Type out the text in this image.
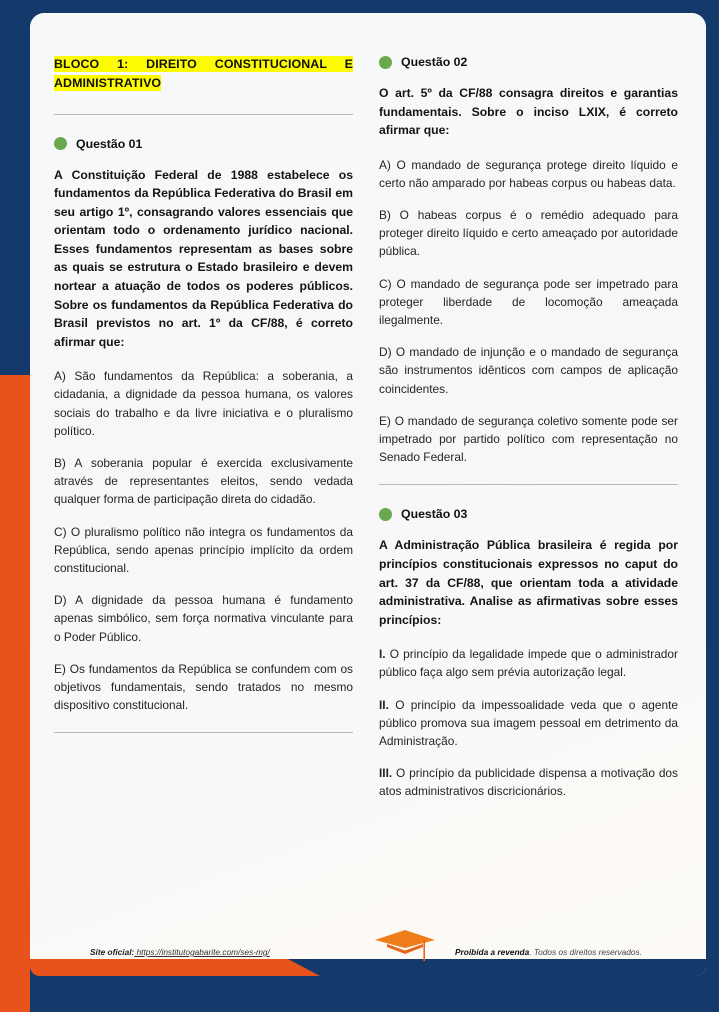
BLOCO 1: DIREITO CONSTITUCIONAL E ADMINISTRATIVO
Questão 01

A Constituição Federal de 1988 estabelece os fundamentos da República Federativa do Brasil em seu artigo 1º, consagrando valores essenciais que orientam todo o ordenamento jurídico nacional. Esses fundamentos representam as bases sobre as quais se estrutura o Estado brasileiro e devem nortear a atuação de todos os poderes públicos. Sobre os fundamentos da República Federativa do Brasil previstos no art. 1º da CF/88, é correto afirmar que:

A) São fundamentos da República: a soberania, a cidadania, a dignidade da pessoa humana, os valores sociais do trabalho e da livre iniciativa e o pluralismo político.

B) A soberania popular é exercida exclusivamente através de representantes eleitos, sendo vedada qualquer forma de participação direta do cidadão.

C) O pluralismo político não integra os fundamentos da República, sendo apenas princípio implícito da ordem constitucional.

D) A dignidade da pessoa humana é fundamento apenas simbólico, sem força normativa vinculante para o Poder Público.

E) Os fundamentos da República se confundem com os objetivos fundamentais, sendo tratados no mesmo dispositivo constitucional.

Questão 02

O art. 5º da CF/88 consagra direitos e garantias fundamentais. Sobre o inciso LXIX, é correto afirmar que:

A) O mandado de segurança protege direito líquido e certo não amparado por habeas corpus ou habeas data.

B) O habeas corpus é o remédio adequado para proteger direito líquido e certo ameaçado por autoridade pública.

C) O mandado de segurança pode ser impetrado para proteger liberdade de locomoção ameaçada ilegalmente.

D) O mandado de injunção e o mandado de segurança são instrumentos idênticos com campos de aplicação coincidentes.

E) O mandado de segurança coletivo somente pode ser impetrado por partido político com representação no Senado Federal.

Questão 03

A Administração Pública brasileira é regida por princípios constitucionais expressos no caput do art. 37 da CF/88, que orientam toda a atividade administrativa. Analise as afirmativas sobre esses princípios:

I. O princípio da legalidade impede que o administrador público faça algo sem prévia autorização legal.

II. O princípio da impessoalidade veda que o agente público promova sua imagem pessoal em detrimento da Administração.

III. O princípio da publicidade dispensa a motivação dos atos administrativos discricionários.

Site oficial: https://institutogabarite.com/ses-mg/	Proibida a revenda. Todos os direitos reservados.
